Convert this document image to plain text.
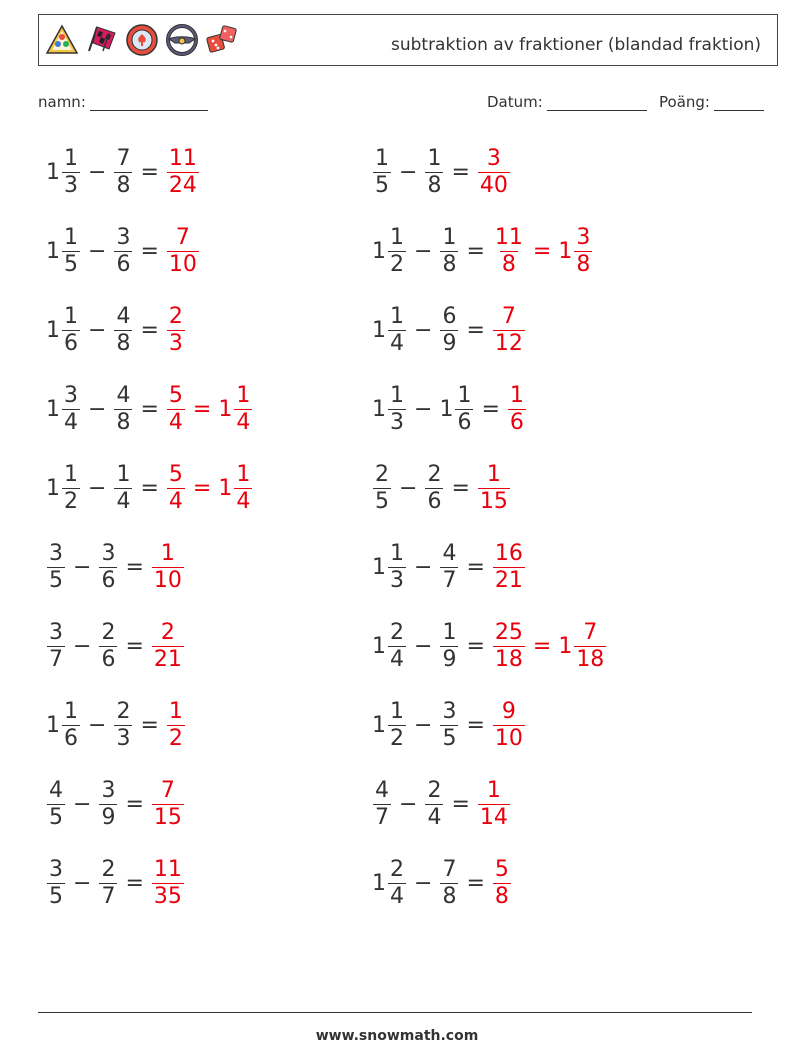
subtraktion av fraktioner (blandad fraktion)
namn:	Datum:	Poäng:
$1 \frac{1}{3} - \frac{7}{8} = \frac{11}{24}$	$\frac{1}{5} - \frac{1}{8} = \frac{3}{40}$
$1 \frac{1}{5} - \frac{3}{6} = \frac{7}{10}$	$1 \frac{1}{2} - \frac{1}{8} = \frac{11}{8} = 1 \frac{3}{8}$
$1 \frac{1}{6} - \frac{4}{8} = \frac{2}{3}$	$1 \frac{1}{4} - \frac{6}{9} = \frac{7}{12}$
$1 \frac{3}{4} - \frac{4}{8} = \frac{5}{4} = 1 \frac{1}{4}$	$1 \frac{1}{3} - 1 \frac{1}{6} = \frac{1}{6}$
$1 \frac{1}{2} - \frac{1}{4} = \frac{5}{4} = 1 \frac{1}{4}$	$\frac{2}{5} - \frac{2}{6} = \frac{1}{15}$
$\frac{3}{5} - \frac{3}{6} = \frac{1}{10}$	$1 \frac{1}{3} - \frac{4}{7} = \frac{16}{21}$
$\frac{3}{7} - \frac{2}{6} = \frac{2}{21}$	$1 \frac{2}{4} - \frac{1}{9} = \frac{25}{18} = 1 \frac{7}{18}$
$1 \frac{1}{6} - \frac{2}{3} = \frac{1}{2}$	$1 \frac{1}{2} - \frac{3}{5} = \frac{9}{10}$
$\frac{4}{5} - \frac{3}{9} = \frac{7}{15}$	$\frac{4}{7} - \frac{2}{4} = \frac{1}{14}$
$\frac{3}{5} - \frac{2}{7} = \frac{11}{35}$	$1 \frac{2}{4} - \frac{7}{8} = \frac{5}{8}$
www.snowmath.com
